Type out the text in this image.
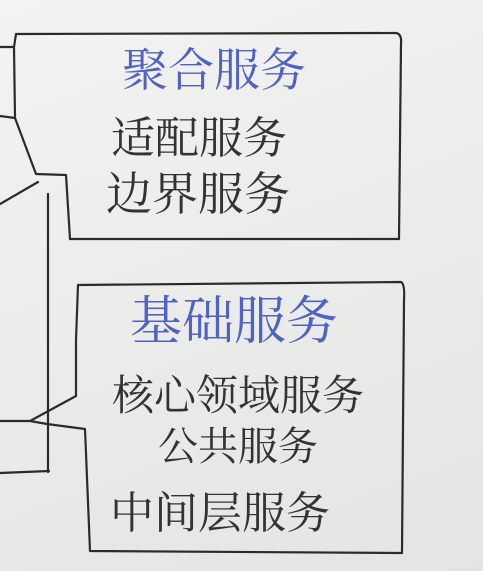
聚合服务
适配服务
边界服务
基础服务
核心领域服务
公共服务
中间层服务
